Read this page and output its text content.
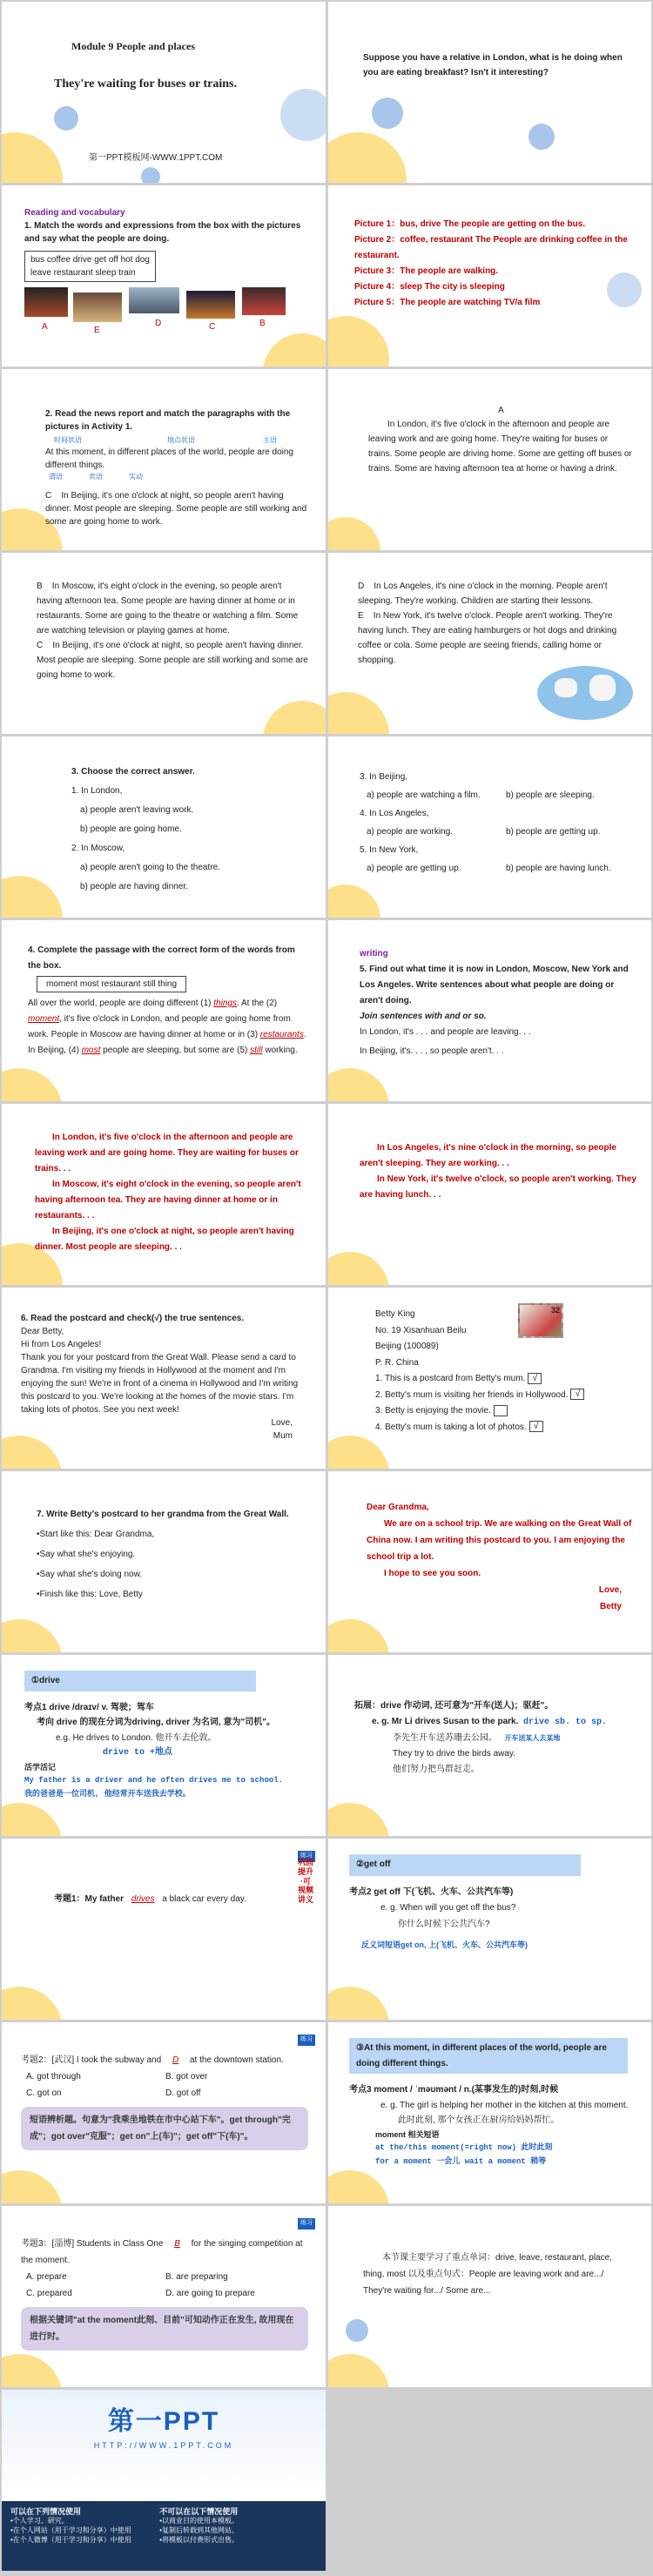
Module 9 People and places
They're waiting for buses or trains.
第一PPT模板网-WWW.1PPT.COM
Suppose you have a relative in London, what is he doing when you are eating breakfast? Isn't it interesting?
Reading and vocabulary
1. Match the words and expressions from the box with the pictures and say what the people are doing.
bus coffee drive get off hot dog
leave restaurant sleep train
A	E
D	C	B
Picture 1：bus, drive The people are getting on the bus.
Picture 2：coffee, restaurant The People are drinking coffee in the restaurant.
Picture 3：The people are walking.
Picture 4：sleep The city is sleeping
Picture 5：The people are watching TV/a film
2. Read the news report and match the paragraphs with the pictures in Activity 1.
时间状语	地点状语	主语
At this moment, in different places of the world, people are doing different things.
谓语	宾语	实动
C In Beijing, it's one o'clock at night, so people aren't having dinner. Most people are sleeping. Some people are still working and some are going home to work.
A
In London, it's five o'clock in the afternoon and people are leaving work and are going home. They're waiting for buses or trains. Some people are driving home. Some are getting off buses or trains. Some are having afternoon tea at home or having a drink.
B In Moscow, it's eight o'clock in the evening, so people aren't having afternoon tea. Some people are having dinner at home or in restaurants. Some are going to the theatre or watching a film. Some are watching television or playing games at home.
C In Beijing, it's one o'clock at night, so people aren't having dinner. Most people are sleeping. Some people are still working and some are going home to work.
D In Los Angeles, it's nine o'clock in the morning. People aren't sleeping. They're working. Children are starting their lessons.
E In New York, it's twelve o'clock. People aren't working. They're having lunch. They are eating hamburgers or hot dogs and drinking coffee or cola. Some people are seeing friends, calling home or shopping.
3. Choose the correct answer.
1. In London,
a) people aren't leaving work.
b) people are going home.
2. In Moscow,
a) people aren't going to the theatre.
b) people are having dinner.
3. In Beijing,
a) people are watching a film.	b) people are sleeping.
4. In Los Angeles,
a) people are working.	b) people are getting up.
5. In New York,
a) people are getting up.	b) people are having lunch.
4. Complete the passage with the correct form of the words from the box.
moment most restaurant still thing
All over the world, people are doing different (1) things. At the (2) moment, it's five o'clock in London, and people are going home from work. People in Moscow are having dinner at home or in (3) restaurants. In Beijing, (4) most people are sleeping, but some are (5) still working.
writing
5. Find out what time it is now in London, Moscow, New York and Los Angeles. Write sentences about what people are doing or aren't doing.
Join sentences with and or so.
In London, it's . . . and people are leaving. . .
In Beijing, it's. . . , so people aren't. . .
In London, it's five o'clock in the afternoon and people are leaving work and are going home. They are waiting for buses or trains. . .
In Moscow, it's eight o'clock in the evening, so people aren't having afternoon tea. They are having dinner at home or in restaurants. . .
In Beijing, it's one o'clock at night, so people aren't having dinner. Most people are sleeping. . .
In Los Angeles, it's nine o'clock in the morning, so people aren't sleeping. They are working. . .
In New York, it's twelve o'clock, so people aren't working. They are having lunch. . .
6. Read the postcard and check(√) the true sentences.
Dear Betty,
Hi from Los Angeles!
Thank you for your postcard from the Great Wall. Please send a card to Grandma. I'm visiting my friends in Hollywood at the moment and I'm enjoying the sun! We're in front of a cinema in Hollywood and I'm writing this postcard to you. We're looking at the homes of the movie stars. I'm taking lots of photos. See you next week!
Love,
Mum
32
Betty King
No. 19 Xisanhuan Beilu
Beijing (100089)
P. R. China
1. This is a postcard from Betty's mum. √
2. Betty's mum is visiting her friends in Hollywood. √
3. Betty is enjoying the movie.
4. Betty's mum is taking a lot of photos. √
7. Write Betty's postcard to her grandma from the Great Wall.
•Start like this: Dear Grandma,
•Say what she's enjoying.
•Say what she's doing now.
•Finish like this: Love, Betty
Dear Grandma,
We are on a school trip. We are walking on the Great Wall of China now. I am writing this postcard to you. I am enjoying the school trip a lot.
I hope to see you soon.
Love,
Betty
①drive
考点1 drive /draɪv/ v. 驾驶；驾车
考向 drive 的现在分词为driving, driver 为名词, 意为"司机"。
e.g. He drives to London. 他开车去伦敦。
drive to +地点
活学活记
My father is a driver and he often drives me to school.
我的爸爸是一位司机, 他经常开车送我去学校。
拓展：drive 作动词, 还可意为"开车(送人)；驱赶"。
e. g. Mr Li drives Susan to the park. drive sb. to sp.
李先生开车送苏珊去公园。 开车送某人去某地
They try to drive the birds away.
他们努力把鸟群赶走。
练习
巩固提升·可视频讲义
考题1：My father drives a black car every day.
②get off
考点2 get off 下(飞机、火车、公共汽车等)
e. g. When will you get off the bus?
你什么时候下公共汽车?
反义词短语get on, 上(飞机、火车、公共汽车等)
练习
考题2：[武汉] I took the subway and D at the downtown station.
A. got through	B. got over
C. got on	D. got off
短语辨析题。句意为"我乘坐地铁在市中心站下车"。get through"完成"；got over"克服"；get on"上(车)"；get off"下(车)"。
③At this moment, in different places of the world, people are doing different things.
考点3 moment / ˈməʊmənt / n.(某事发生的)时刻,时候
e. g. The girl is helping her mother in the kitchen at this moment.
此时此刻, 那个女孩正在厨房给妈妈帮忙。
moment 相关短语
at the/this moment(=right now) 此时此刻
for a moment 一会儿 wait a moment 稍等
练习
考题3：[淄博] Students in Class One B for the singing competition at the moment.
A. prepare	B. are preparing
C. prepared	D. are going to prepare
根据关键词"at the moment此刻、目前"可知动作正在发生, 故用现在进行时。
本节课主要学习了重点单词：drive, leave, restaurant, place, thing, most 以及重点句式：People are leaving work and are.../ They're waiting for.../ Some are...
第一PPT
HTTP://WWW.1PPT.COM
可以在下列情况使用
•个人学习、研究。
•在个人网站（用于学习和分享）中使用
•在个人微博（用于学习和分享）中使用

不可以在以下情况使用
•以商业目的使用本模板。
•复制后转载到其他网站。
•将模板以付费形式出售。
